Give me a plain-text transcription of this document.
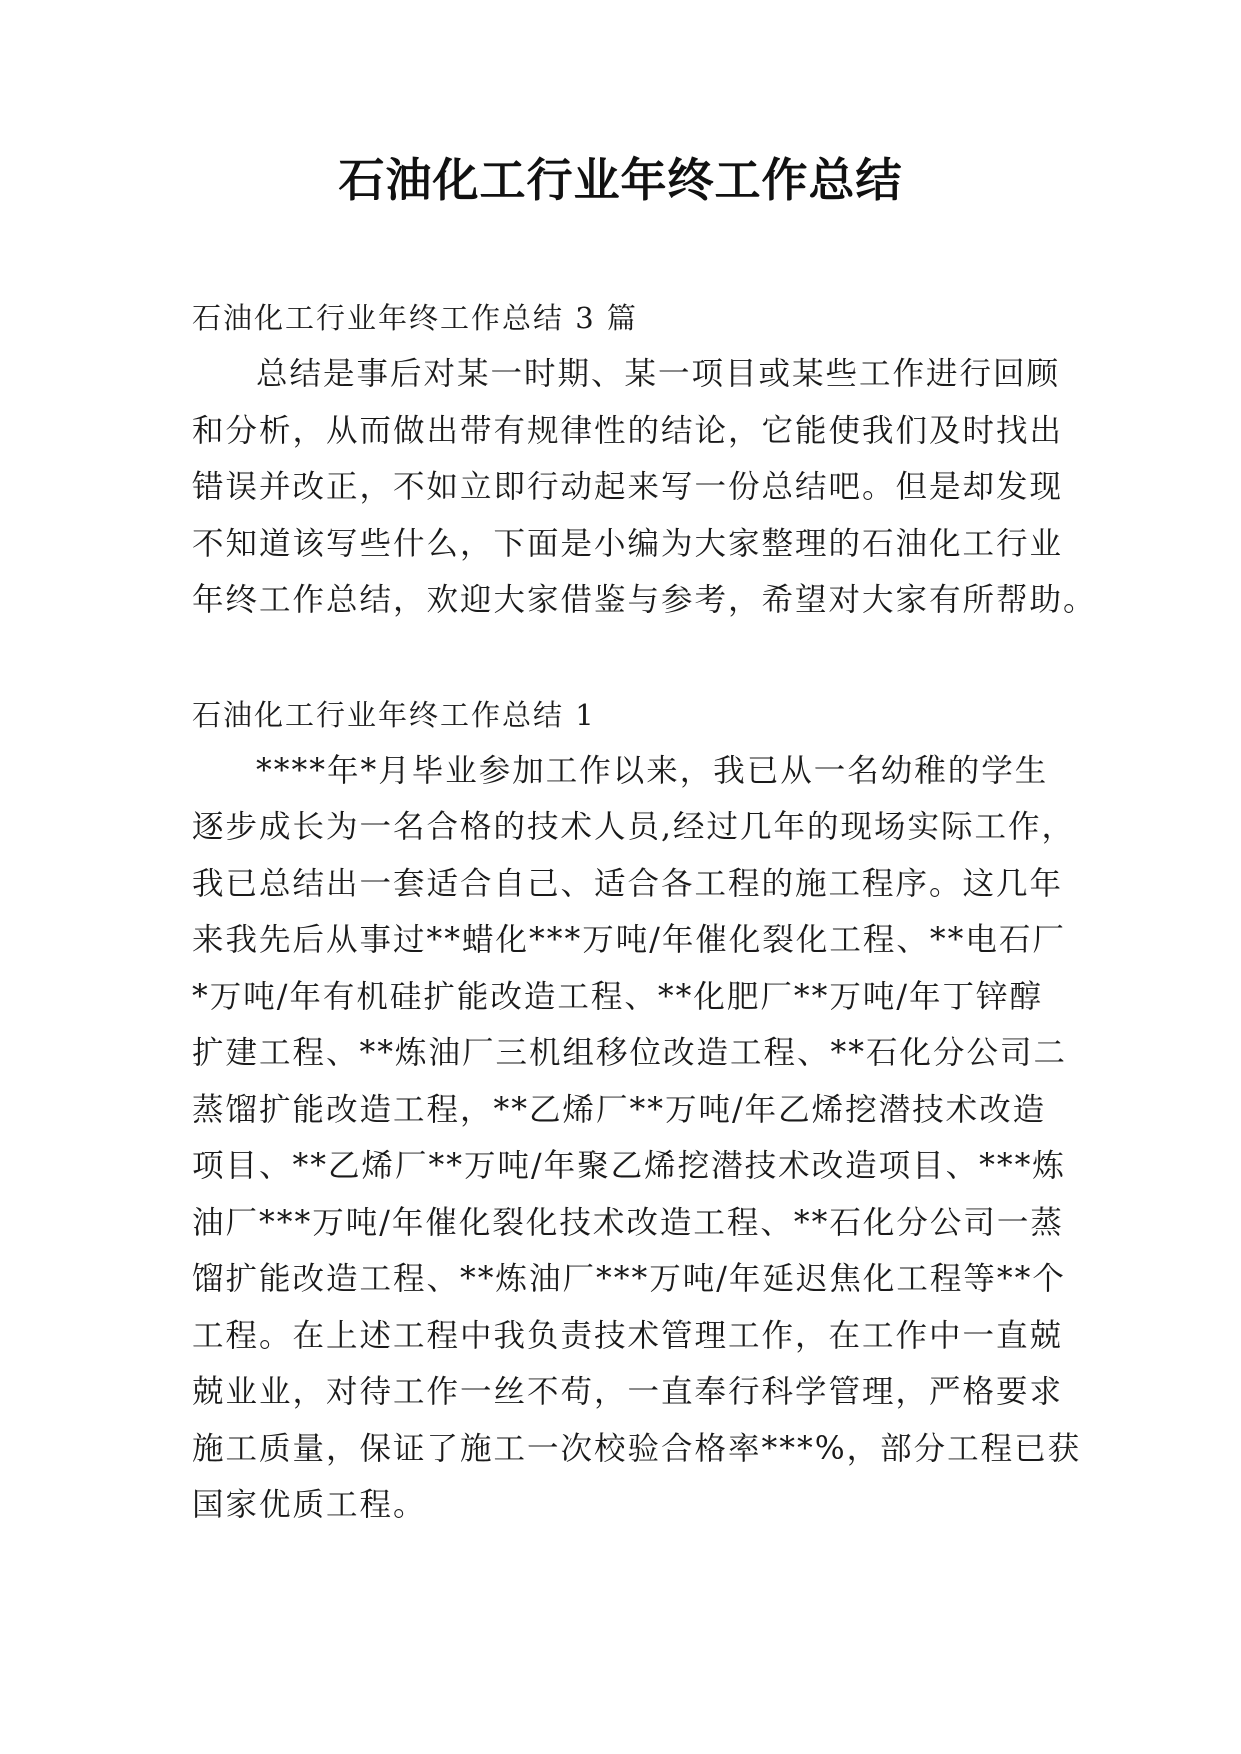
石油化工行业年终工作总结

石油化工行业年终工作总结 3 篇

总结是事后对某一时期、某一项目或某些工作进行回顾
和分析，从而做出带有规律性的结论，它能使我们及时找出
错误并改正，不如立即行动起来写一份总结吧。但是却发现
不知道该写些什么，下面是小编为大家整理的石油化工行业
年终工作总结，欢迎大家借鉴与参考，希望对大家有所帮助。

石油化工行业年终工作总结 1

****年*月毕业参加工作以来，我已从一名幼稚的学生
逐步成长为一名合格的技术人员,经过几年的现场实际工作，
我已总结出一套适合自己、适合各工程的施工程序。这几年
来我先后从事过**蜡化***万吨/年催化裂化工程、**电石厂
*万吨/年有机硅扩能改造工程、**化肥厂**万吨/年丁锌醇
扩建工程、**炼油厂三机组移位改造工程、**石化分公司二
蒸馏扩能改造工程，**乙烯厂**万吨/年乙烯挖潜技术改造
项目、**乙烯厂**万吨/年聚乙烯挖潜技术改造项目、***炼
油厂***万吨/年催化裂化技术改造工程、**石化分公司一蒸
馏扩能改造工程、**炼油厂***万吨/年延迟焦化工程等**个
工程。在上述工程中我负责技术管理工作，在工作中一直兢
兢业业，对待工作一丝不苟，一直奉行科学管理，严格要求
施工质量，保证了施工一次校验合格率***%，部分工程已获
国家优质工程。
